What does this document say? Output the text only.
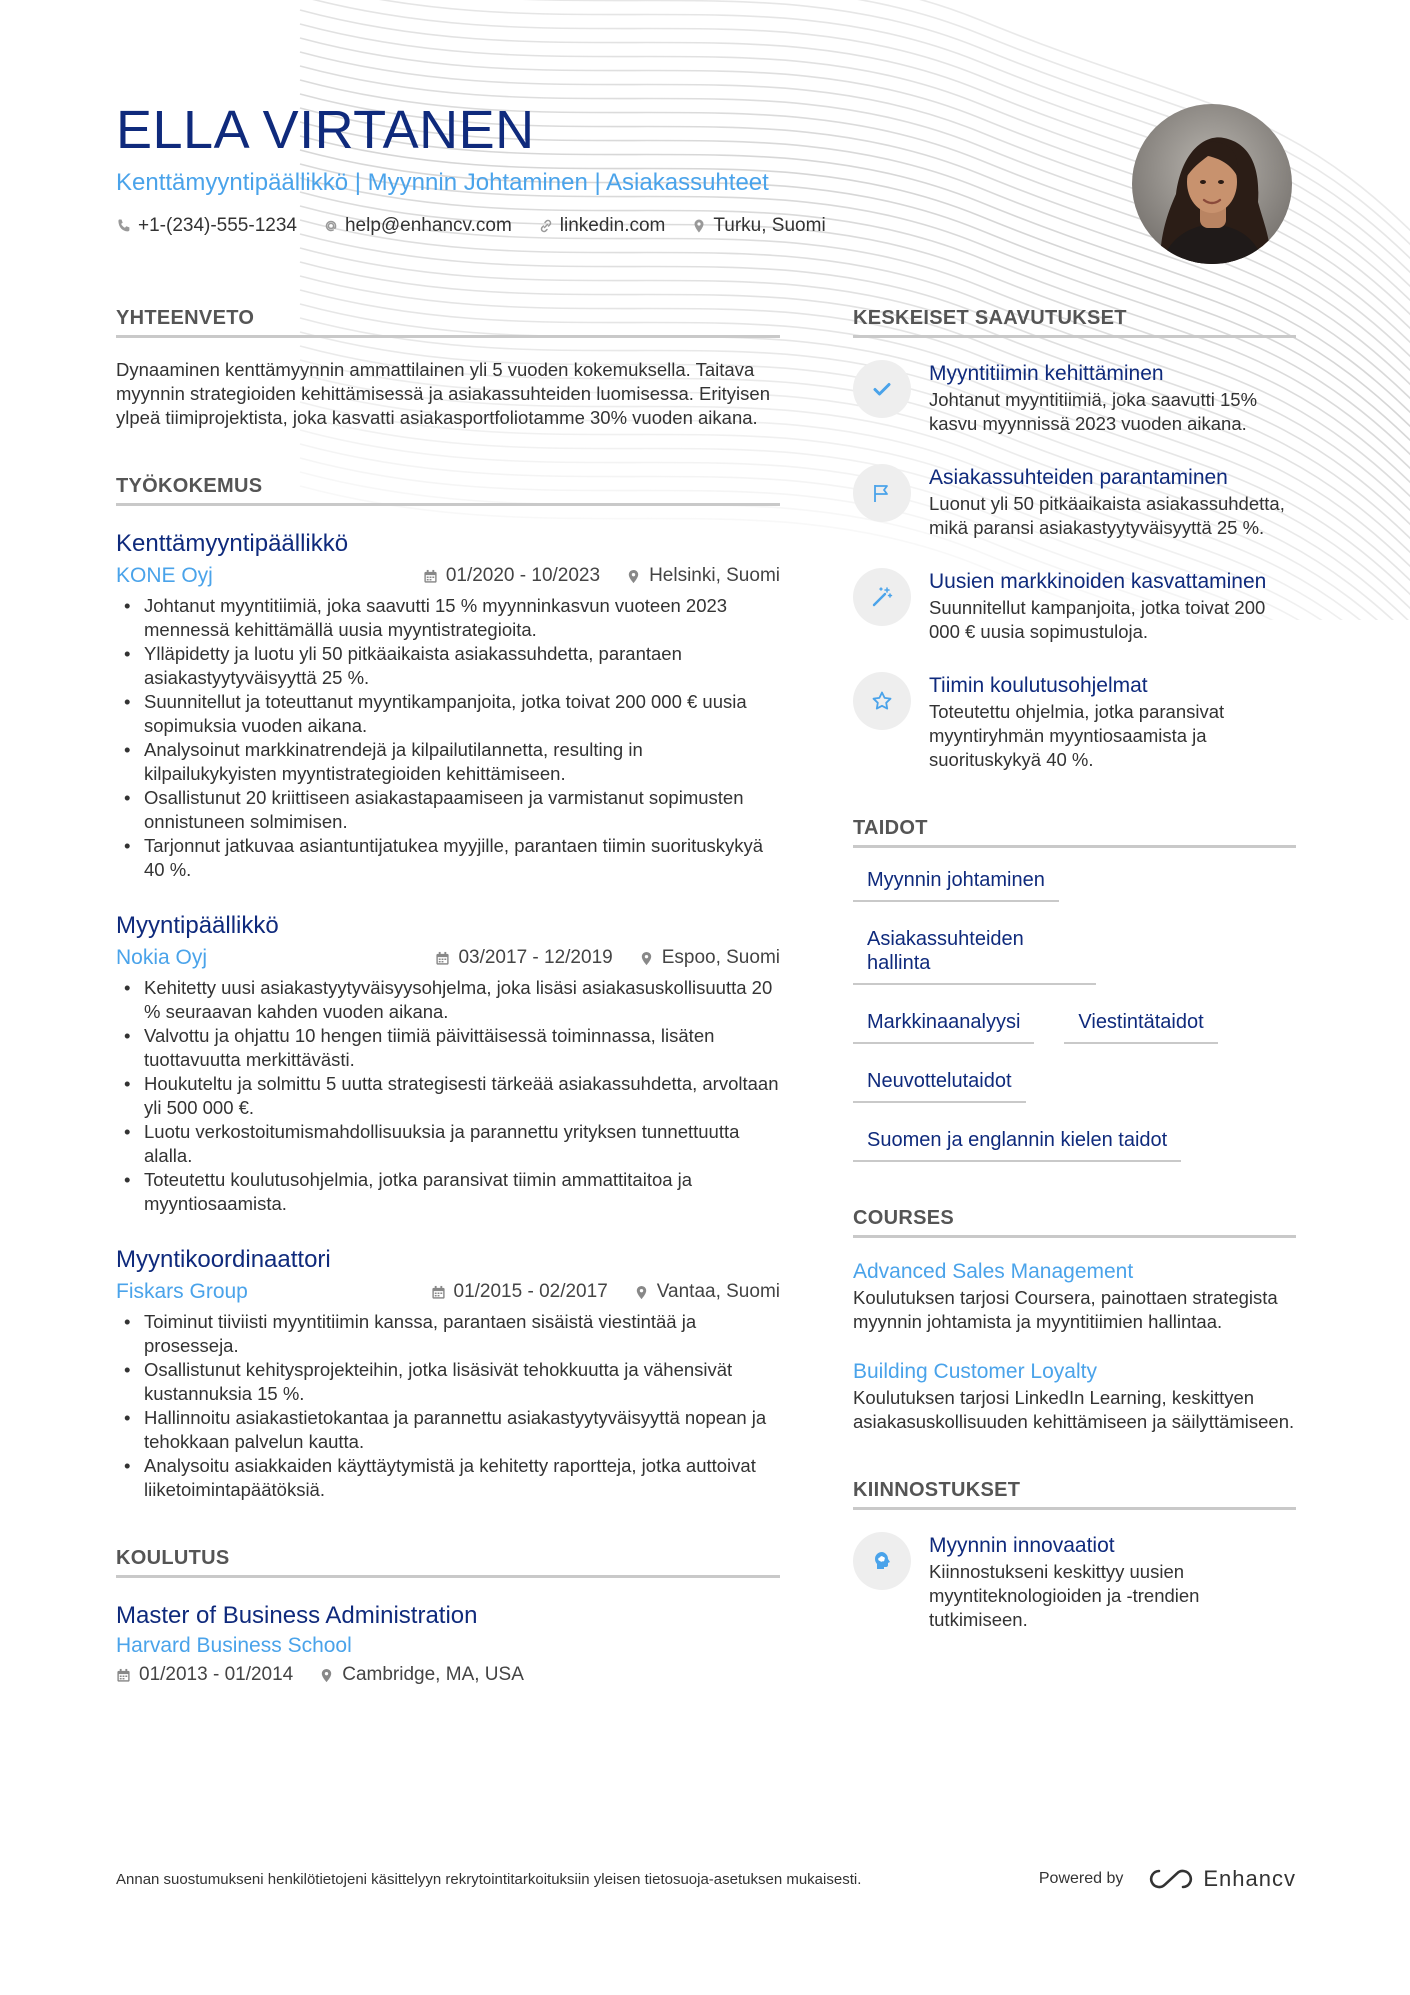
ELLA VIRTANEN
Kenttämyyntipäällikkö | Myynnin Johtaminen | Asiakassuhteet
+1-(234)-555-1234	help@enhancv.com	linkedin.com	Turku, Suomi
YHTEENVETO

Dynaaminen kenttämyynnin ammattilainen yli 5 vuoden kokemuksella. Taitava myynnin strategioiden kehittämisessä ja asiakassuhteiden luomisessa. Erityisen ylpeä tiimiprojektista, joka kasvatti asiakasportfoliotamme 30% vuoden aikana.

TYÖKOKEMUS
Kenttämyyntipäällikkö
KONE Oyj	01/2020 - 10/2023	Helsinki, Suomi
• Johtanut myyntitiimiä, joka saavutti 15 % myynninkasvun vuoteen 2023 mennessä kehittämällä uusia myyntistrategioita.
• Ylläpidetty ja luotu yli 50 pitkäaikaista asiakassuhdetta, parantaen asiakastyytyväisyyttä 25 %.
• Suunnitellut ja toteuttanut myyntikampanjoita, jotka toivat 200 000 € uusia sopimuksia vuoden aikana.
• Analysoinut markkinatrendejä ja kilpailutilannetta, resulting in kilpailukykyisten myyntistrategioiden kehittämiseen.
• Osallistunut 20 kriittiseen asiakastapaamiseen ja varmistanut sopimusten onnistuneen solmimisen.
• Tarjonnut jatkuvaa asiantuntijatukea myyjille, parantaen tiimin suorituskykyä 40 %.
Myyntipäällikkö
Nokia Oyj	03/2017 - 12/2019	Espoo, Suomi
• Kehitetty uusi asiakastyytyväisyysohjelma, joka lisäsi asiakasuskollisuutta 20 % seuraavan kahden vuoden aikana.
• Valvottu ja ohjattu 10 hengen tiimiä päivittäisessä toiminnassa, lisäten tuottavuutta merkittävästi.
• Houkuteltu ja solmittu 5 uutta strategisesti tärkeää asiakassuhdetta, arvoltaan yli 500 000 €.
• Luotu verkostoitumismahdollisuuksia ja parannettu yrityksen tunnettuutta alalla.
• Toteutettu koulutusohjelmia, jotka paransivat tiimin ammattitaitoa ja myyntiosaamista.
Myyntikoordinaattori
Fiskars Group	01/2015 - 02/2017	Vantaa, Suomi
• Toiminut tiiviisti myyntitiimin kanssa, parantaen sisäistä viestintää ja prosesseja.
• Osallistunut kehitysprojekteihin, jotka lisäsivät tehokkuutta ja vähensivät kustannuksia 15 %.
• Hallinnoitu asiakastietokantaa ja parannettu asiakastyytyväisyyttä nopean ja tehokkaan palvelun kautta.
• Analysoitu asiakkaiden käyttäytymistä ja kehitetty raportteja, jotka auttoivat liiketoimintapäätöksiä.
KOULUTUS
Master of Business Administration
Harvard Business School
01/2013 - 01/2014	Cambridge, MA, USA
KESKEISET SAAVUTUKSET
Myyntitiimin kehittäminen
Johtanut myyntitiimiä, joka saavutti 15% kasvu myynnissä 2023 vuoden aikana.
Asiakassuhteiden parantaminen
Luonut yli 50 pitkäaikaista asiakassuhdetta, mikä paransi asiakastyytyväisyyttä 25 %.
Uusien markkinoiden kasvattaminen
Suunnitellut kampanjoita, jotka toivat 200 000 € uusia sopimustuloja.
Tiimin koulutusohjelmat
Toteutettu ohjelmia, jotka paransivat myyntiryhmän myyntiosaamista ja suorituskykyä 40 %.
TAIDOT
Myynnin johtaminen
Asiakassuhteiden hallinta
Markkinaanalyysi	Viestintätaidot
Neuvottelutaidot
Suomen ja englannin kielen taidot
COURSES
Advanced Sales Management
Koulutuksen tarjosi Coursera, painottaen strategista myynnin johtamista ja myyntitiimien hallintaa.
Building Customer Loyalty
Koulutuksen tarjosi LinkedIn Learning, keskittyen asiakasuskollisuuden kehittämiseen ja säilyttämiseen.
KIINNOSTUKSET
Myynnin innovaatiot
Kiinnostukseni keskittyy uusien myyntiteknologioiden ja -trendien tutkimiseen.
Annan suostumukseni henkilötietojeni käsittelyyn rekrytointitarkoituksiin yleisen tietosuoja-asetuksen mukaisesti.	Powered by	Enhancv
